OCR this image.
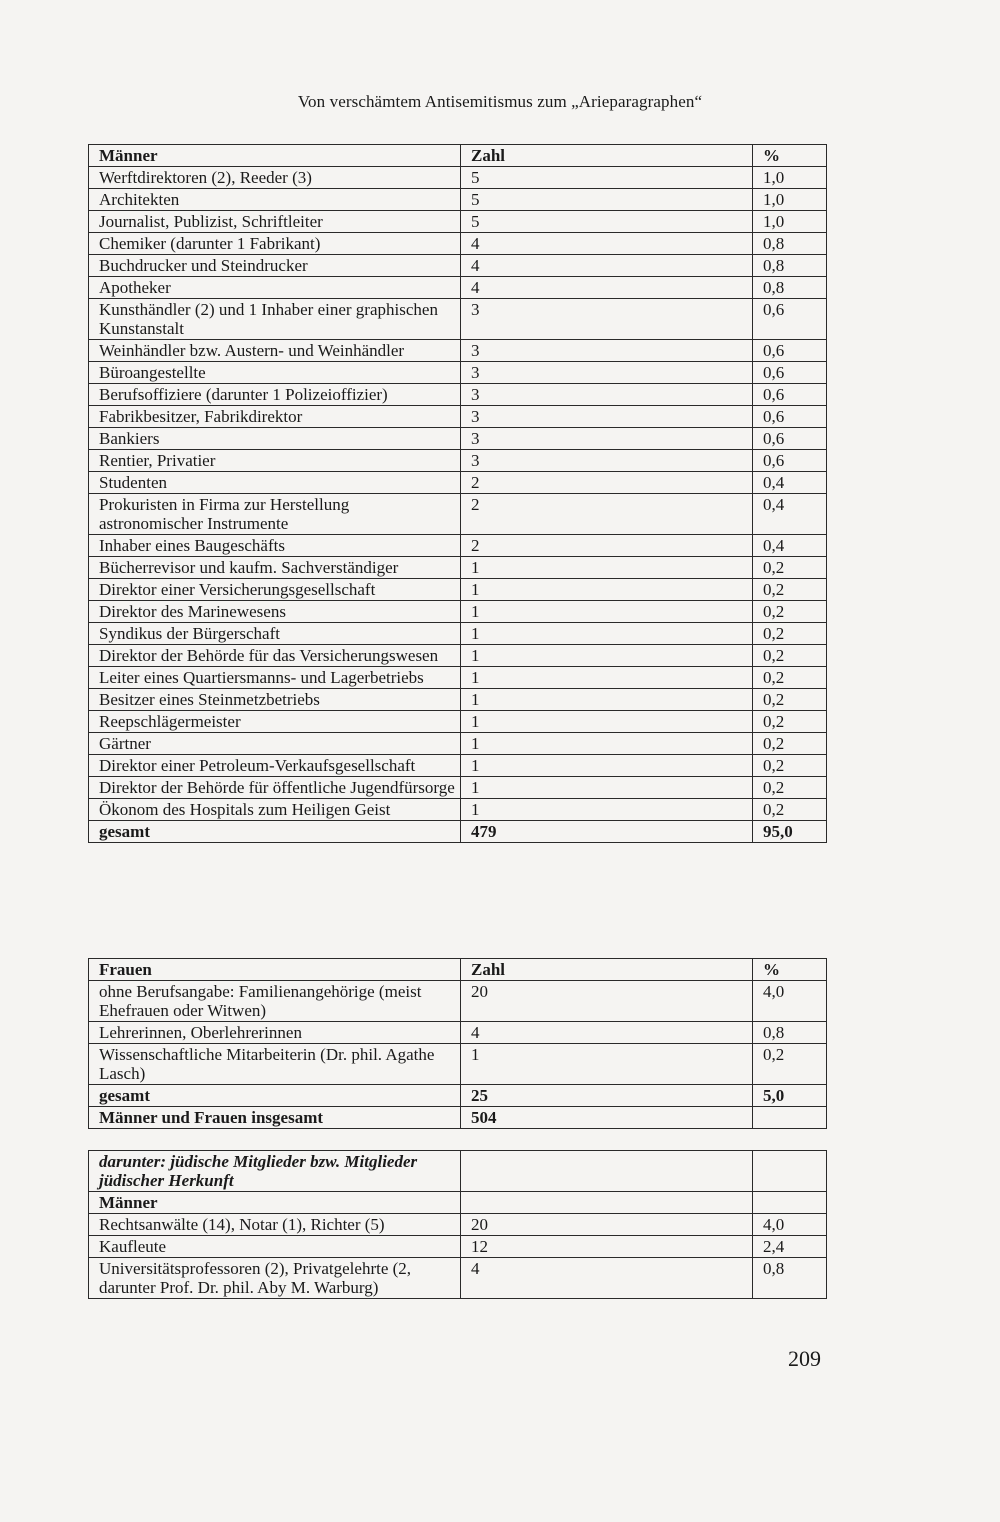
Von verschämtem Antisemitismus zum „Arieparagraphen“
Männer	Zahl	%
Werftdirektoren (2), Reeder (3)	5	1,0
Architekten	5	1,0
Journalist, Publizist, Schriftleiter	5	1,0
Chemiker (darunter 1 Fabrikant)	4	0,8
Buchdrucker und Steindrucker	4	0,8
Apotheker	4	0,8
Kunsthändler (2) und 1 Inhaber einer graphischen Kunstanstalt	3	0,6
Weinhändler bzw. Austern- und Weinhändler	3	0,6
Büroangestellte	3	0,6
Berufsoffiziere (darunter 1 Polizeioffizier)	3	0,6
Fabrikbesitzer, Fabrikdirektor	3	0,6
Bankiers	3	0,6
Rentier, Privatier	3	0,6
Studenten	2	0,4
Prokuristen in Firma zur Herstellung astronomischer Instrumente	2	0,4
Inhaber eines Baugeschäfts	2	0,4
Bücherrevisor und kaufm. Sachverständiger	1	0,2
Direktor einer Versicherungsgesellschaft	1	0,2
Direktor des Marinewesens	1	0,2
Syndikus der Bürgerschaft	1	0,2
Direktor der Behörde für das Versicherungswesen	1	0,2
Leiter eines Quartiersmanns- und Lagerbetriebs	1	0,2
Besitzer eines Steinmetzbetriebs	1	0,2
Reepschlägermeister	1	0,2
Gärtner	1	0,2
Direktor einer Petroleum-Verkaufsgesellschaft	1	0,2
Direktor der Behörde für öffentliche Jugendfürsorge	1	0,2
Ökonom des Hospitals zum Heiligen Geist	1	0,2
gesamt	479	95,0
Frauen	Zahl	%
ohne Berufsangabe: Familienangehörige (meist Ehefrauen oder Witwen)	20	4,0
Lehrerinnen, Oberlehrerinnen	4	0,8
Wissenschaftliche Mitarbeiterin (Dr. phil. Agathe Lasch)	1	0,2
gesamt	25	5,0
Männer und Frauen insgesamt	504	
darunter: jüdische Mitglieder bzw. Mitglieder jüdischer Herkunft		
Männer		
Rechtsanwälte (14), Notar (1), Richter (5)	20	4,0
Kaufleute	12	2,4
Universitätsprofessoren (2), Privatgelehrte (2, darunter Prof. Dr. phil. Aby M. Warburg)	4	0,8
209
